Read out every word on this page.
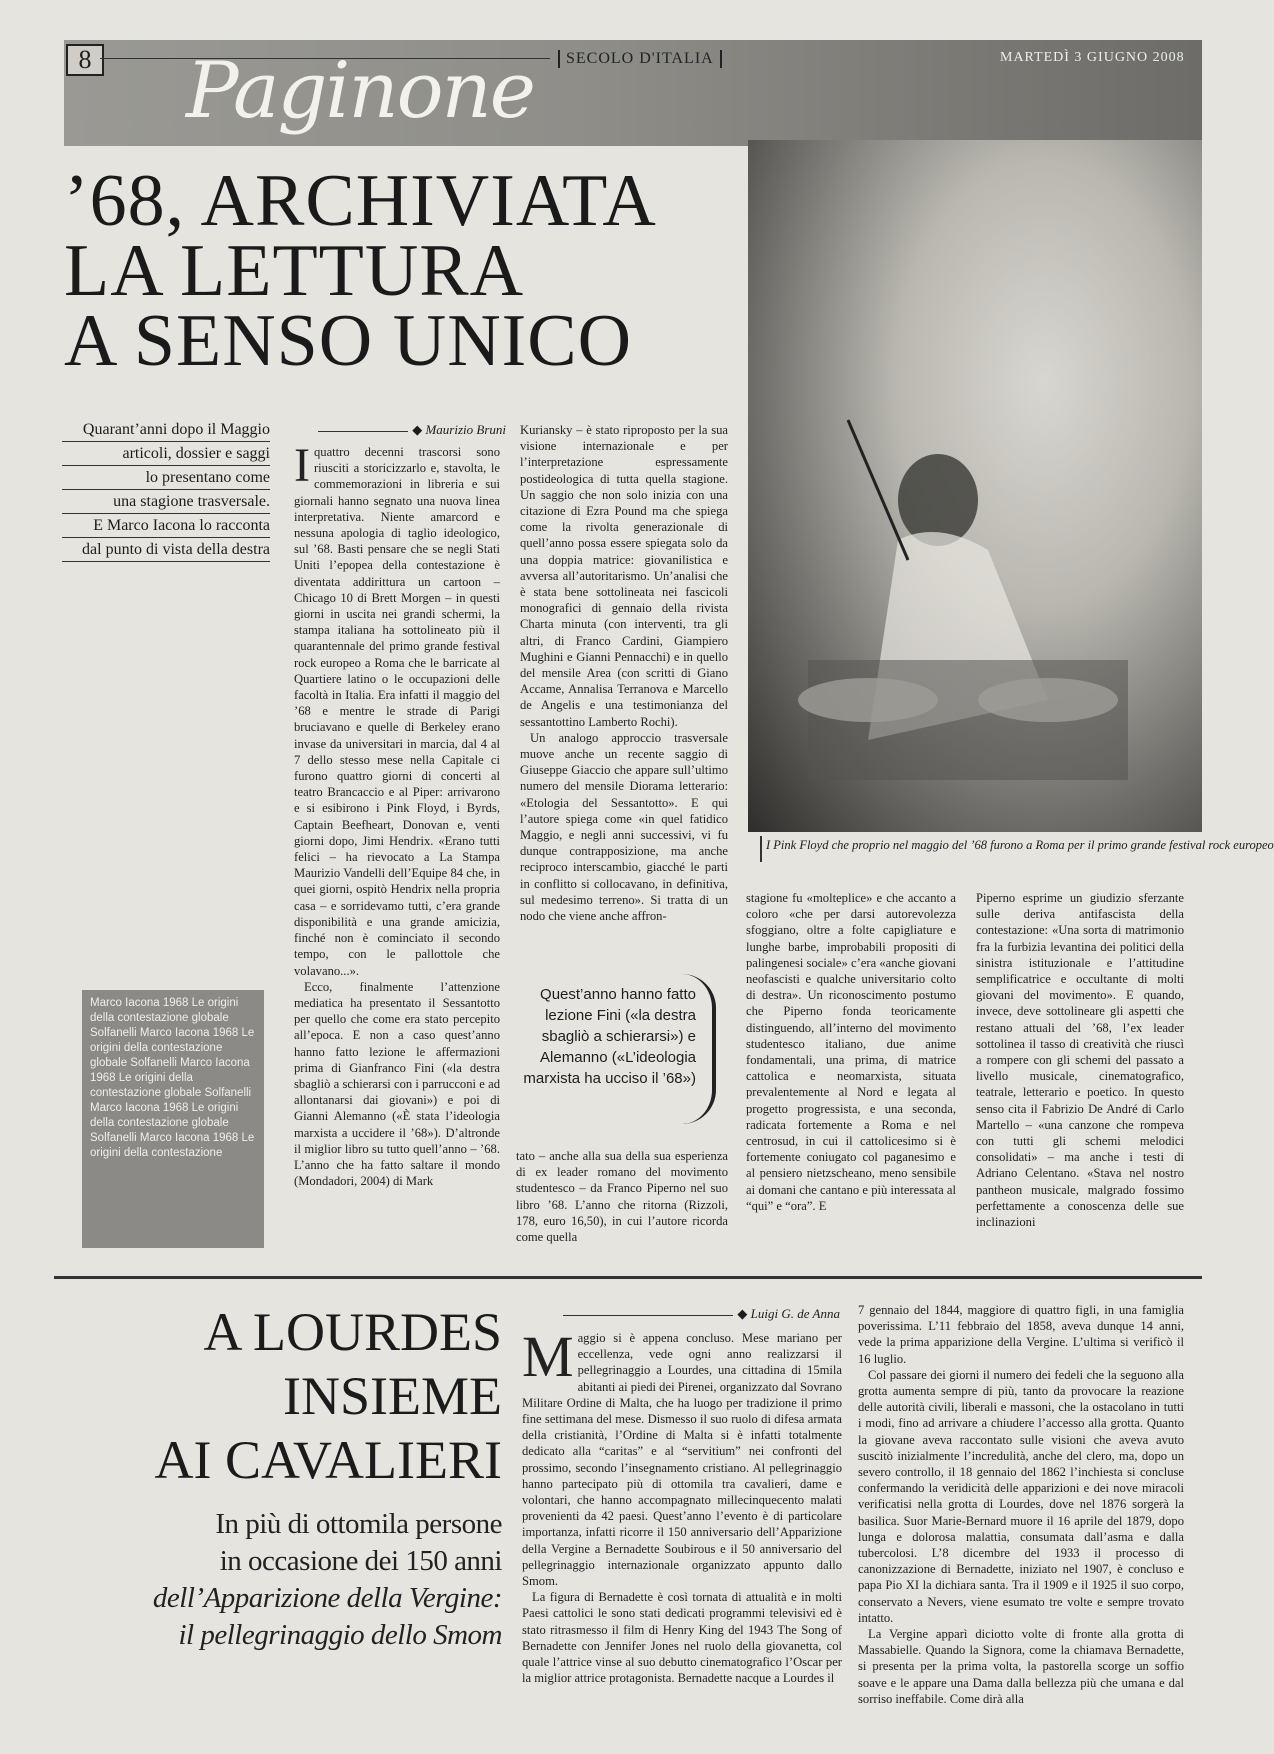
8 Paginone	SECOLO D'ITALIA	MARTEDÌ 3 GIUGNO 2008
’68, ARCHIVIATA
LA LETTURA
A SENSO UNICO
Quarant’anni dopo il Maggio
articoli, dossier e saggi
lo presentano come
una stagione trasversale.
E Marco Iacona lo racconta
dal punto di vista della destra
◆ Maurizio Bruni
I quattro decenni trascorsi sono riusciti a storicizzarlo e, stavolta, le commemorazioni in libreria e sui giornali hanno segnato una nuova linea interpretativa. Niente amarcord e nessuna apologia di taglio ideologico, sul ’68. Basti pensare che se negli Stati Uniti l’epopea della contestazione è diventata addirittura un cartoon – Chicago 10 di Brett Morgen – in questi giorni in uscita nei grandi schermi, la stampa italiana ha sottolineato più il quarantennale del primo grande festival rock europeo a Roma che le barricate al Quartiere latino o le occupazioni delle facoltà in Italia. Era infatti il maggio del ’68 e mentre le strade di Parigi bruciavano e quelle di Berkeley erano invase da universitari in marcia, dal 4 al 7 dello stesso mese nella Capitale ci furono quattro giorni di concerti al teatro Brancaccio e al Piper: arrivarono e si esibirono i Pink Floyd, i Byrds, Captain Beefheart, Donovan e, venti giorni dopo, Jimi Hendrix. «Erano tutti felici – ha rievocato a La Stampa Maurizio Vandelli dell’Equipe 84 che, in quei giorni, ospitò Hendrix nella propria casa – e sorridevamo tutti, c’era grande disponibilità e una grande amicizia, finché non è cominciato il secondo tempo, con le pallottole che volavano...».

Ecco, finalmente l’attenzione mediatica ha presentato il Sessantotto per quello che come era stato percepito all’epoca. E non a caso quest’anno hanno fatto lezione le affermazioni prima di Gianfranco Fini («la destra sbagliò a schierarsi con i parrucconi e ad allontanarsi dai giovani») e poi di Gianni Alemanno («È stata l’ideologia marxista a uccidere il ’68»). D’altronde il miglior libro su tutto quell’anno – ’68. L’anno che ha fatto saltare il mondo (Mondadori, 2004) di Mark

Kuriansky – è stato riproposto per la sua visione internazionale e per l’interpretazione espressamente postideologica di tutta quella stagione. Un saggio che non solo inizia con una citazione di Ezra Pound ma che spiega come la rivolta generazionale di quell’anno possa essere spiegata solo da una doppia matrice: giovanilistica e avversa all’autoritarismo. Un’analisi che è stata bene sottolineata nei fascicoli monografici di gennaio della rivista Charta minuta (con interventi, tra gli altri, di Franco Cardini, Giampiero Mughini e Gianni Pennacchi) e in quello del mensile Area (con scritti di Giano Accame, Annalisa Terranova e Marcello de Angelis e una testimonianza del sessantottino Lamberto Rochi).

Un analogo approccio trasversale muove anche un recente saggio di Giuseppe Giaccio che appare sull’ultimo numero del mensile Diorama letterario: «Etologia del Sessantotto». E qui l’autore spiega come «in quel fatidico Maggio, e negli anni successivi, vi fu dunque contrapposizione, ma anche reciproco interscambio, giacché le parti in conflitto si collocavano, in definitiva, sul medesimo terreno». Si tratta di un nodo che viene anche affron-

Quest’anno hanno fatto lezione Fini («la destra sbagliò a schierarsi») e Alemanno («L’ideologia marxista ha ucciso il ’68»)
tato – anche alla sua della sua esperienza di ex leader romano del movimento studentesco – da Franco Piperno nel suo libro ’68. L’anno che ritorna (Rizzoli, 178, euro 16,50), in cui l’autore ricorda come quella
I Pink Floyd che proprio nel maggio del ’68 furono a Roma per il primo grande festival rock europeo
stagione fu «molteplice» e che accanto a coloro «che per darsi autorevolezza sfoggiano, oltre a folte capigliature e lunghe barbe, improbabili propositi di palingenesi sociale» c’era «anche giovani neofascisti e qualche universitario colto di destra». Un riconoscimento postumo che Piperno fonda teoricamente distinguendo, all’interno del movimento studentesco italiano, due anime fondamentali, una prima, di matrice cattolica e neomarxista, situata prevalentemente al Nord e legata al progetto progressista, e una seconda, radicata fortemente a Roma e nel centrosud, in cui il cattolicesimo si è fortemente coniugato col paganesimo e al pensiero nietzscheano, meno sensibile ai domani che cantano e più interessata al “qui” e “ora”. E
Piperno esprime un giudizio sferzante sulle deriva antifascista della contestazione: «Una sorta di matrimonio fra la furbizia levantina dei politici della sinistra istituzionale e l’attitudine semplificatrice e occultante di molti giovani del movimento». E quando, invece, deve sottolineare gli aspetti che restano attuali del ’68, l’ex leader sottolinea il tasso di creatività che riuscì a rompere con gli schemi del passato a livello musicale, cinematografico, teatrale, letterario e poetico. In questo senso cita il Fabrizio De André di Carlo Martello – «una canzone che rompeva con tutti gli schemi melodici consolidati» – ma anche i testi di Adriano Celentano. «Stava nel nostro pantheon musicale, malgrado fossimo perfettamente a conoscenza delle sue inclinazioni
Marco Iacona 1968 Le origini della contestazione globale Solfanelli Marco Iacona 1968 Le origini della contestazione globale Solfanelli Marco Iacona 1968 Le origini della contestazione globale Solfanelli Marco Iacona 1968 Le origini della contestazione globale Solfanelli Marco Iacona 1968 Le origini della contestazione
A LOURDES
INSIEME
AI CAVALIERI
In più di ottomila persone
in occasione dei 150 anni
dell’Apparizione della Vergine:
il pellegrinaggio dello Smom
◆ Luigi G. de Anna
M aggio si è appena concluso. Mese mariano per eccellenza, vede ogni anno realizzarsi il pellegrinaggio a Lourdes, una cittadina di 15mila abitanti ai piedi dei Pirenei, organizzato dal Sovrano Militare Ordine di Malta, che ha luogo per tradizione il primo fine settimana del mese. Dismesso il suo ruolo di difesa armata della cristianità, l’Ordine di Malta si è infatti totalmente dedicato alla “caritas” e al “servitium” nei confronti del prossimo, secondo l’insegnamento cristiano. Al pellegrinaggio hanno partecipato più di ottomila tra cavalieri, dame e volontari, che hanno accompagnato millecinquecento malati provenienti da 42 paesi. Quest’anno l’evento è di particolare importanza, infatti ricorre il 150 anniversario dell’Apparizione della Vergine a Bernadette Soubirous e il 50 anniversario del pellegrinaggio internazionale organizzato appunto dallo Smom.

La figura di Bernadette è così tornata di attualità e in molti Paesi cattolici le sono stati dedicati programmi televisivi ed è stato ritrasmesso il film di Henry King del 1943 The Song of Bernadette con Jennifer Jones nel ruolo della giovanetta, col quale l’attrice vinse al suo debutto cinematografico l’Oscar per la miglior attrice protagonista. Bernadette nacque a Lourdes il

7 gennaio del 1844, maggiore di quattro figli, in una famiglia poverissima. L’11 febbraio del 1858, aveva dunque 14 anni, vede la prima apparizione della Vergine. L’ultima si verificò il 16 luglio.

Col passare dei giorni il numero dei fedeli che la seguono alla grotta aumenta sempre di più, tanto da provocare la reazione delle autorità civili, liberali e massoni, che la ostacolano in tutti i modi, fino ad arrivare a chiudere l’accesso alla grotta. Quanto la giovane aveva raccontato sulle visioni che aveva avuto suscitò inizialmente l’incredulità, anche del clero, ma, dopo un severo controllo, il 18 gennaio del 1862 l’inchiesta si concluse confermando la veridicità delle apparizioni e dei nove miracoli verificatisi nella grotta di Lourdes, dove nel 1876 sorgerà la basilica. Suor Marie-Bernard muore il 16 aprile del 1879, dopo lunga e dolorosa malattia, consumata dall’asma e dalla tubercolosi. L’8 dicembre del 1933 il processo di canonizzazione di Bernadette, iniziato nel 1907, è concluso e papa Pio XI la dichiara santa. Tra il 1909 e il 1925 il suo corpo, conservato a Nevers, viene esumato tre volte e sempre trovato intatto.

La Vergine apparì diciotto volte di fronte alla grotta di Massabielle. Quando la Signora, come la chiamava Bernadette, si presenta per la prima volta, la pastorella scorge un soffio soave e le appare una Dama dalla bellezza più che umana e dal sorriso ineffabile. Come dirà alla
